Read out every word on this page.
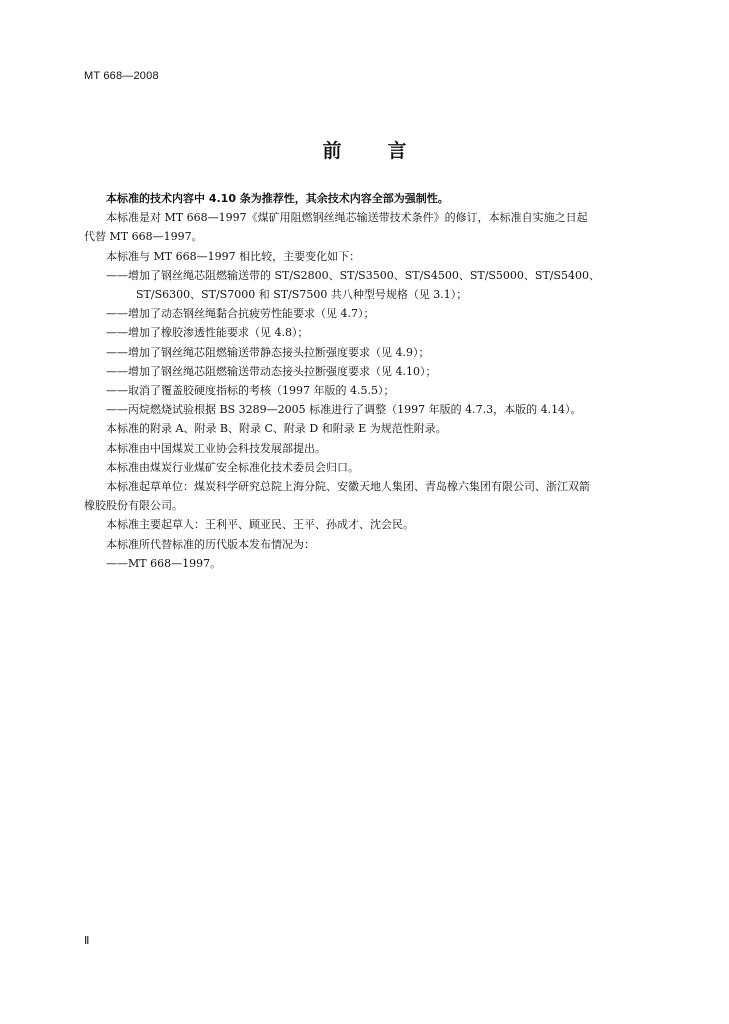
MT 668—2008
前 言
本标准的技术内容中 4.10 条为推荐性，其余技术内容全部为强制性。
本标准是对 MT 668—1997《煤矿用阻燃钢丝绳芯输送带技术条件》的修订，本标准自实施之日起
代替 MT 668—1997。
本标准与 MT 668—1997 相比较，主要变化如下：
——增加了钢丝绳芯阻燃输送带的 ST/S2800、ST/S3500、ST/S4500、ST/S5000、ST/S5400、
ST/S6300、ST/S7000 和 ST/S7500 共八种型号规格（见 3.1）；
——增加了动态钢丝绳黏合抗疲劳性能要求（见 4.7）；
——增加了橡胶渗透性能要求（见 4.8）；
——增加了钢丝绳芯阻燃输送带静态接头拉断强度要求（见 4.9）；
——增加了钢丝绳芯阻燃输送带动态接头拉断强度要求（见 4.10）；
——取消了覆盖胶硬度指标的考核（1997 年版的 4.5.5）；
——丙烷燃烧试验根据 BS 3289—2005 标准进行了调整（1997 年版的 4.7.3，本版的 4.14）。
本标准的附录 A、附录 B、附录 C、附录 D 和附录 E 为规范性附录。
本标准由中国煤炭工业协会科技发展部提出。
本标准由煤炭行业煤矿安全标准化技术委员会归口。
本标准起草单位：煤炭科学研究总院上海分院、安徽天地人集团、青岛橡六集团有限公司、浙江双箭
橡胶股份有限公司。
本标准主要起草人：王利平、顾亚民、王平、孙成才、沈会民。
本标准所代替标准的历代版本发布情况为：
——MT 668—1997。
Ⅱ
